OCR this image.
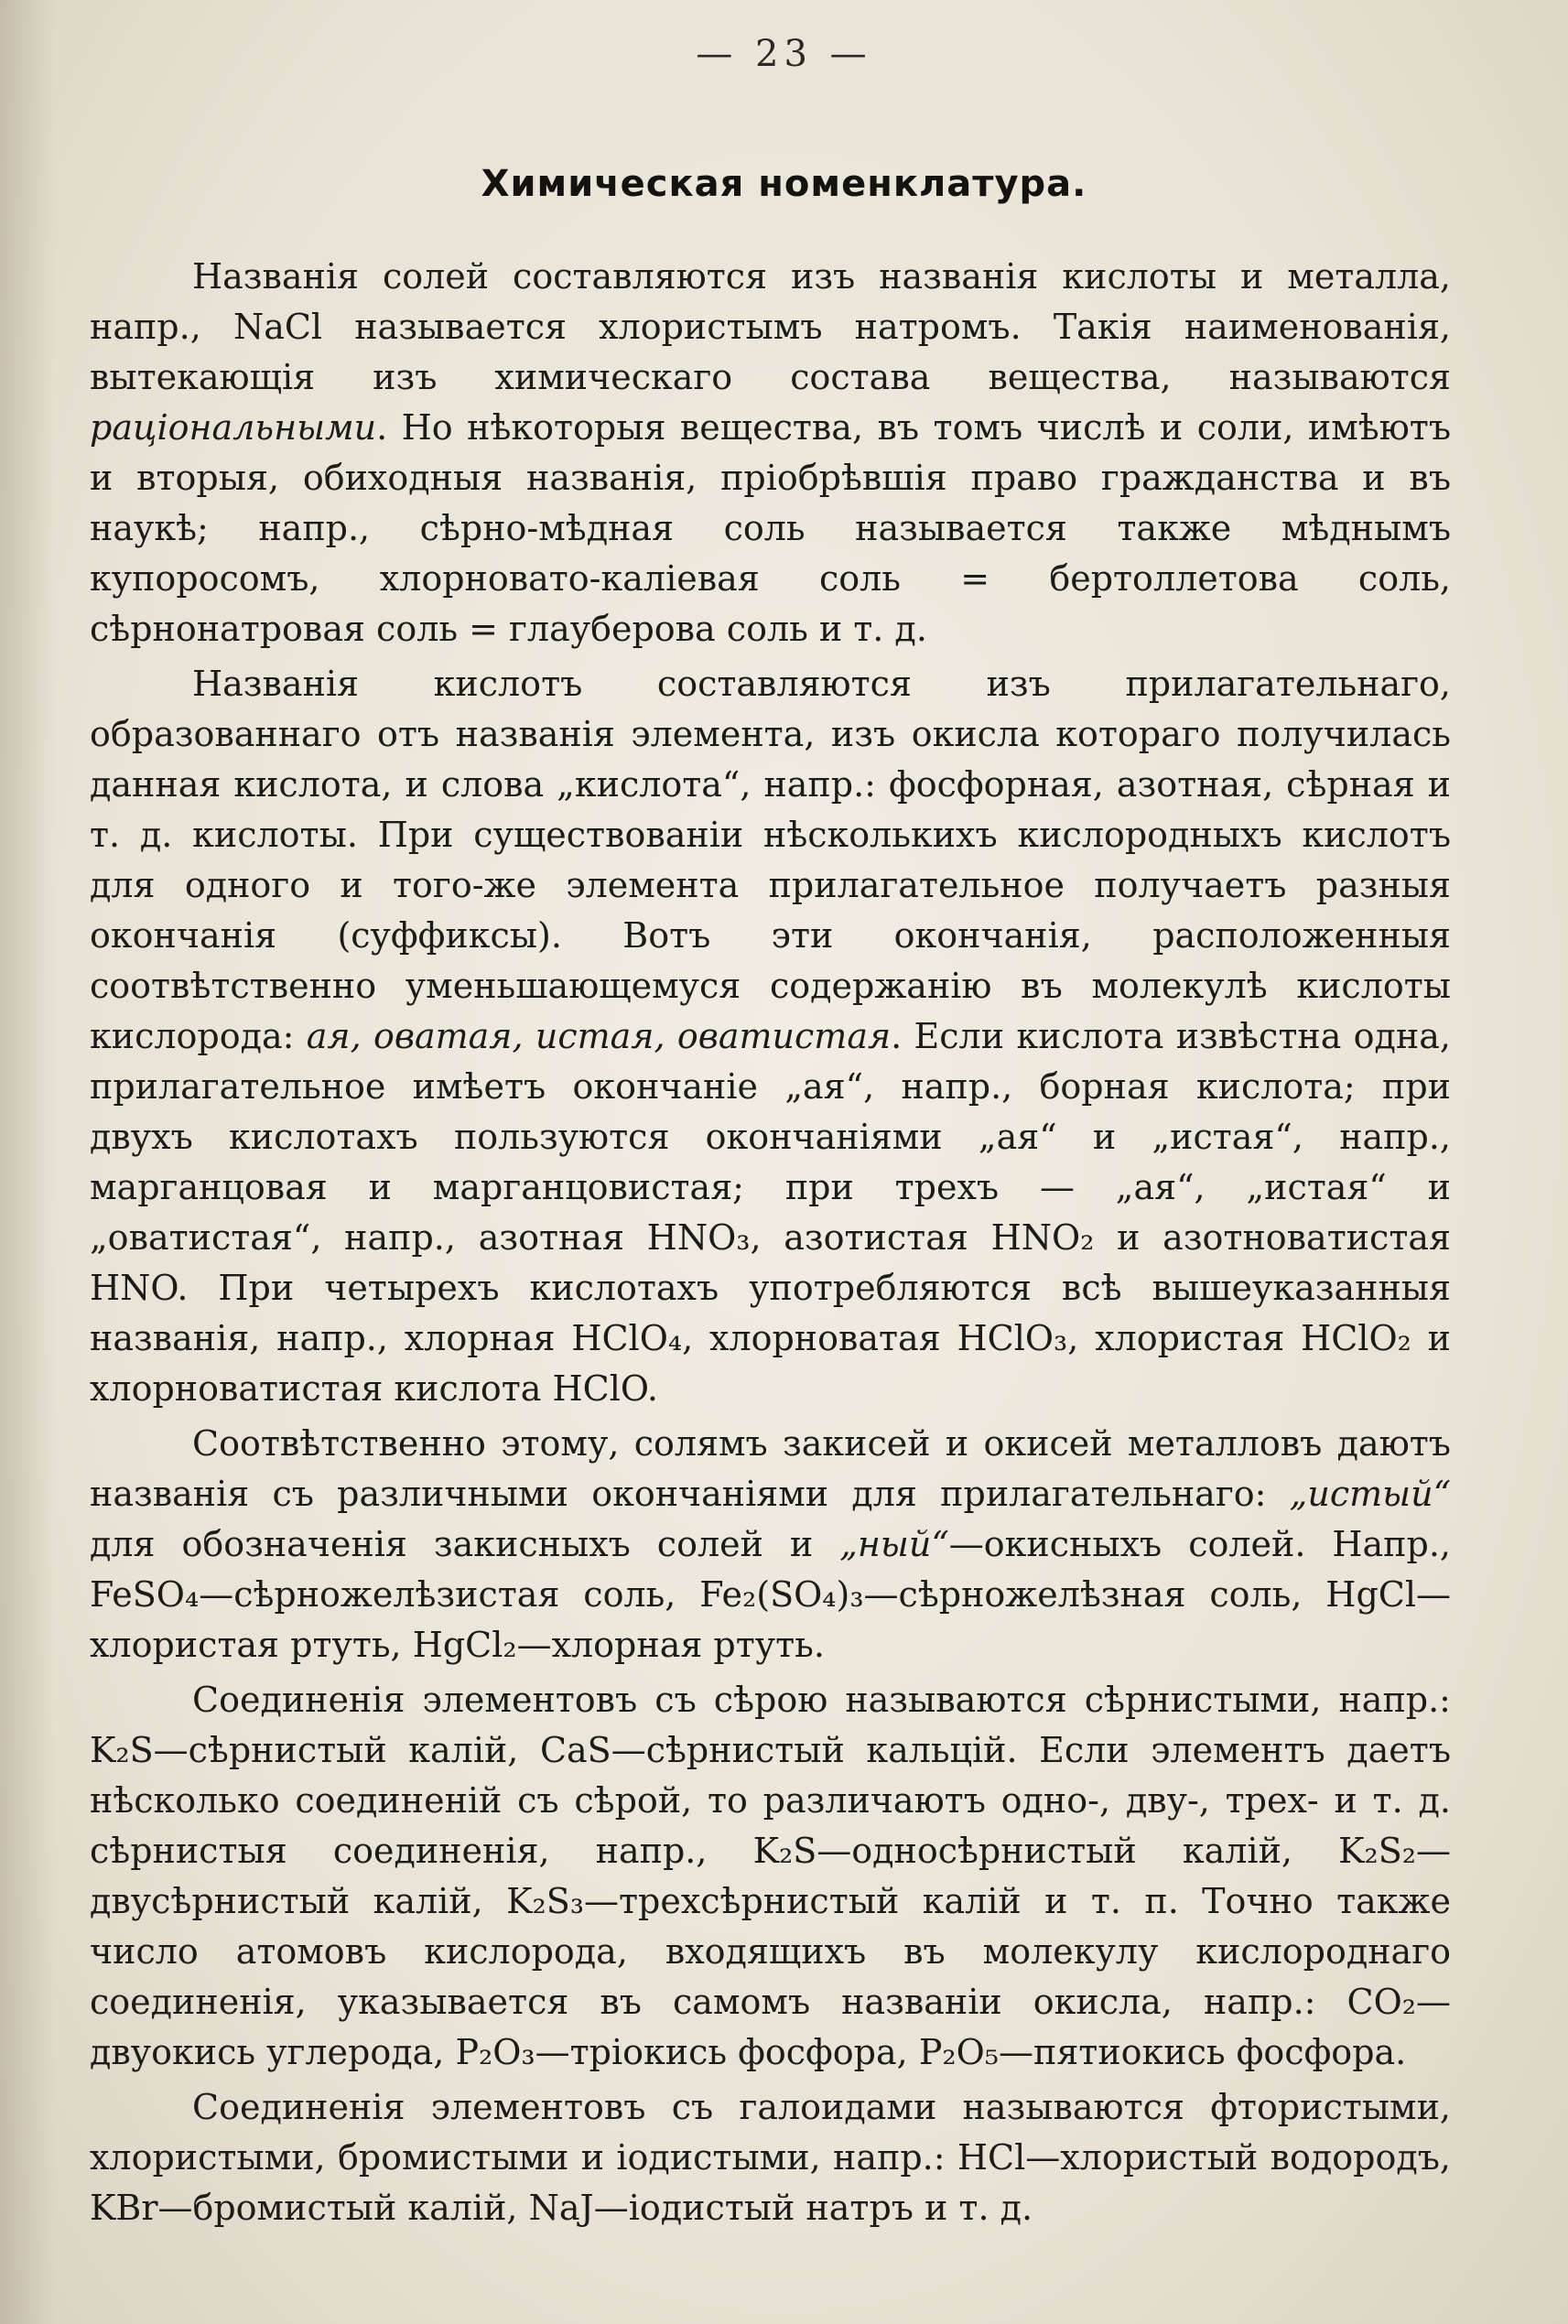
— 23 —
Химическая номенклатура.

Названія солей составляются изъ названія кислоты и металла, напр., NaCl называется хлористымъ натромъ. Такія наименованія, вытекающія изъ химическаго состава вещества, называются раціональными. Но нѣкоторыя вещества, въ томъ числѣ и соли, имѣютъ и вторыя, обиходныя названія, пріобрѣвшія право гражданства и въ наукѣ; напр., сѣрно-мѣдная соль называется также мѣднымъ купоросомъ, хлорновато-каліевая соль = бертоллетова соль, сѣрнонатровая соль = глауберова соль и т. д.

Названія кислотъ составляются изъ прилагательнаго, образованнаго отъ названія элемента, изъ окисла котораго получилась данная кислота, и слова „кислота“, напр.: фосфорная, азотная, сѣрная и т. д. кислоты. При существованіи нѣсколькихъ кислородныхъ кислотъ для одного и того-же элемента прилагательное получаетъ разныя окончанія (суффиксы). Вотъ эти окончанія, расположенныя соотвѣтственно уменьшающемуся содержанію въ молекулѣ кислоты кислорода: ая, оватая, истая, оватистая. Если кислота извѣстна одна, прилагательное имѣетъ окончаніе „ая“, напр., борная кислота; при двухъ кислотахъ пользуются окончаніями „ая“ и „истая“, напр., марганцовая и марганцовистая; при трехъ — „ая“, „истая“ и „оватистая“, напр., азотная HNO₃, азотистая HNO₂ и азотноватистая HNO. При четырехъ кислотахъ употребляются всѣ вышеуказанныя названія, напр., хлорная HClO₄, хлорноватая HClO₃, хлористая HClO₂ и хлорноватистая кислота HClO.

Соотвѣтственно этому, солямъ закисей и окисей металловъ даютъ названія съ различными окончаніями для прилагательнаго: „истый“ для обозначенія закисныхъ солей и „ный“—окисныхъ солей. Напр., FeSO₄—сѣрножелѣзистая соль, Fe₂(SO₄)₃—сѣрножелѣзная соль, HgCl—хлористая ртуть, HgCl₂—хлорная ртуть.

Соединенія элементовъ съ сѣрою называются сѣрнистыми, напр.: K₂S—сѣрнистый калій, CaS—сѣрнистый кальцій. Если элементъ даетъ нѣсколько соединеній съ сѣрой, то различаютъ одно-, дву-, трех- и т. д. сѣрнистыя соединенія, напр., K₂S—односѣрнистый калій, K₂S₂—двусѣрнистый калій, K₂S₃—трехсѣрнистый калій и т. п. Точно также число атомовъ кислорода, входящихъ въ молекулу кислороднаго соединенія, указывается въ самомъ названіи окисла, напр.: CO₂—двуокись углерода, P₂O₃—тріокись фосфора, P₂O₅—пятиокись фосфора.

Соединенія элементовъ съ галоидами называются фтористыми, хлористыми, бромистыми и іодистыми, напр.: HCl—хлористый водородъ, KBr—бромистый калій, NaJ—іодистый натръ и т. д.
